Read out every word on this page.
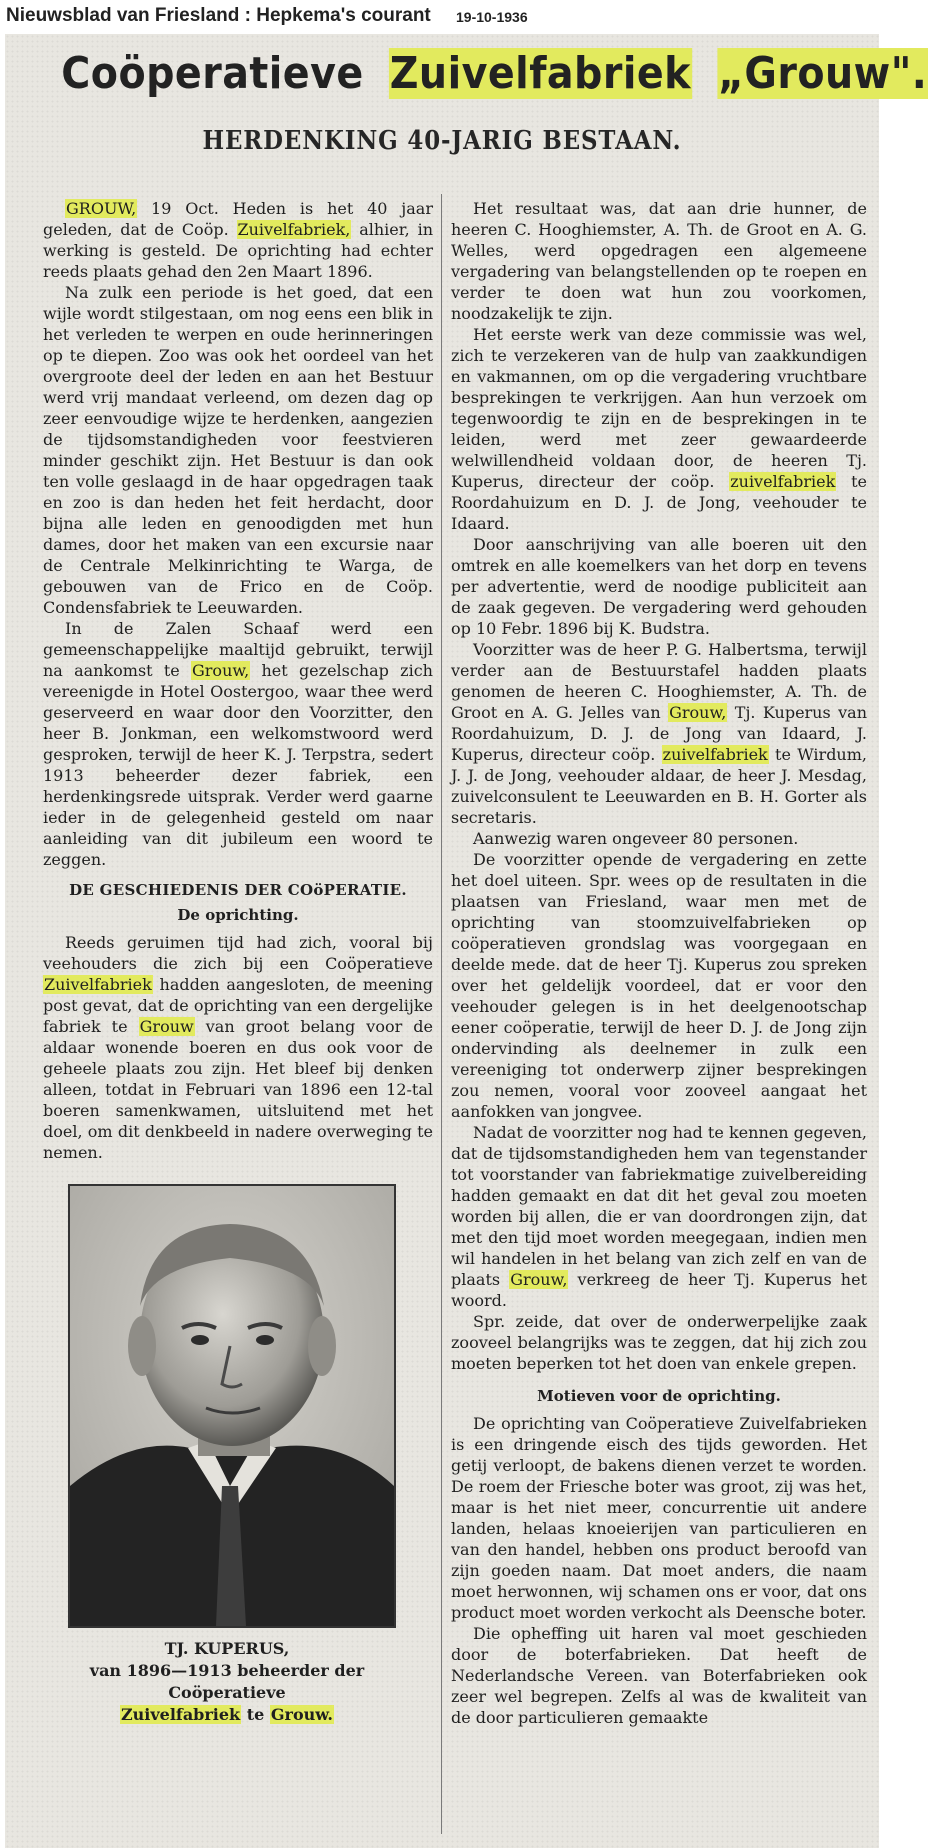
Nieuwsblad van Friesland : Hepkema's courant 19-10-1936
Coöperatieve Zuivelfabriek „Grouw".
HERDENKING 40-JARIG BESTAAN.

GROUW, 19 Oct. Heden is het 40 jaar geleden, dat de Coöp. Zuivelfabriek, alhier, in werking is gesteld. De oprichting had echter reeds plaats gehad den 2en Maart 1896.

Na zulk een periode is het goed, dat een wijle wordt stilgestaan, om nog eens een blik in het verleden te werpen en oude herinneringen op te diepen. Zoo was ook het oordeel van het overgroote deel der leden en aan het Bestuur werd vrij mandaat verleend, om dezen dag op zeer eenvoudige wijze te herdenken, aangezien de tijdsomstandigheden voor feestvieren minder geschikt zijn. Het Bestuur is dan ook ten volle geslaagd in de haar opgedragen taak en zoo is dan heden het feit herdacht, door bijna alle leden en genoodigden met hun dames, door het maken van een excursie naar de Centrale Melkinrichting te Warga, de gebouwen van de Frico en de Coöp. Condensfabriek te Leeuwarden.

In de Zalen Schaaf werd een gemeenschappelijke maaltijd gebruikt, terwijl na aankomst te Grouw, het gezelschap zich vereenigde in Hotel Oostergoo, waar thee werd geserveerd en waar door den Voorzitter, den heer B. Jonkman, een welkomstwoord werd gesproken, terwijl de heer K. J. Terpstra, sedert 1913 beheerder dezer fabriek, een herdenkingsrede uitsprak. Verder werd gaarne ieder in de gelegenheid gesteld om naar aanleiding van dit jubileum een woord te zeggen.

DE GESCHIEDENIS DER COöPERATIE.
De oprichting.

Reeds geruimen tijd had zich, vooral bij veehouders die zich bij een Coöperatieve Zuivelfabriek hadden aangesloten, de meening post gevat, dat de oprichting van een dergelijke fabriek te Grouw van groot belang voor de aldaar wonende boeren en dus ook voor de geheele plaats zou zijn. Het bleef bij denken alleen, totdat in Februari van 1896 een 12-tal boeren samenkwamen, uitsluitend met het doel, om dit denkbeeld in nadere overweging te nemen.

TJ. KUPERUS,
van 1896—1913 beheerder der Coöperatieve
Zuivelfabriek te Grouw.

Het resultaat was, dat aan drie hunner, de heeren C. Hooghiemster, A. Th. de Groot en A. G. Welles, werd opgedragen een algemeene vergadering van belangstellenden op te roepen en verder te doen wat hun zou voorkomen, noodzakelijk te zijn.

Het eerste werk van deze commissie was wel, zich te verzekeren van de hulp van zaakkundigen en vakmannen, om op die vergadering vruchtbare besprekingen te verkrijgen. Aan hun verzoek om tegenwoordig te zijn en de besprekingen in te leiden, werd met zeer gewaardeerde welwillendheid voldaan door, de heeren Tj. Kuperus, directeur der coöp. zuivelfabriek te Roordahuizum en D. J. de Jong, veehouder te Idaard.

Door aanschrijving van alle boeren uit den omtrek en alle koemelkers van het dorp en tevens per advertentie, werd de noodige publiciteit aan de zaak gegeven. De vergadering werd gehouden op 10 Febr. 1896 bij K. Budstra.

Voorzitter was de heer P. G. Halbertsma, terwijl verder aan de Bestuurstafel hadden plaats genomen de heeren C. Hooghiemster, A. Th. de Groot en A. G. Jelles van Grouw, Tj. Kuperus van Roordahuizum, D. J. de Jong van Idaard, J. Kuperus, directeur coöp. zuivelfabriek te Wirdum, J. J. de Jong, veehouder aldaar, de heer J. Mesdag, zuivelconsulent te Leeuwarden en B. H. Gorter als secretaris.

Aanwezig waren ongeveer 80 personen.

De voorzitter opende de vergadering en zette het doel uiteen. Spr. wees op de resultaten in die plaatsen van Friesland, waar men met de oprichting van stoomzuivelfabrieken op coöperatieven grondslag was voorgegaan en deelde mede. dat de heer Tj. Kuperus zou spreken over het geldelijk voordeel, dat er voor den veehouder gelegen is in het deelgenootschap eener coöperatie, terwijl de heer D. J. de Jong zijn ondervinding als deelnemer in zulk een vereeniging tot onderwerp zijner besprekingen zou nemen, vooral voor zooveel aangaat het aanfokken van jongvee.

Nadat de voorzitter nog had te kennen gegeven, dat de tijdsomstandigheden hem van tegenstander tot voorstander van fabriekmatige zuivelbereiding hadden gemaakt en dat dit het geval zou moeten worden bij allen, die er van doordrongen zijn, dat met den tijd moet worden meegegaan, indien men wil handelen in het belang van zich zelf en van de plaats Grouw, verkreeg de heer Tj. Kuperus het woord.

Spr. zeide, dat over de onderwerpelijke zaak zooveel belangrijks was te zeggen, dat hij zich zou moeten beperken tot het doen van enkele grepen.

Motieven voor de oprichting.

De oprichting van Coöperatieve Zuivelfabrieken is een dringende eisch des tijds geworden. Het getij verloopt, de bakens dienen verzet te worden. De roem der Friesche boter was groot, zij was het, maar is het niet meer, concurrentie uit andere landen, helaas knoeierijen van particulieren en van den handel, hebben ons product beroofd van zijn goeden naam. Dat moet anders, die naam moet herwonnen, wij schamen ons er voor, dat ons product moet worden verkocht als Deensche boter.

Die opheffing uit haren val moet geschieden door de boterfabrieken. Dat heeft de Nederlandsche Vereen. van Boterfabrieken ook zeer wel begrepen. Zelfs al was de kwaliteit van de door particulieren gemaakte
